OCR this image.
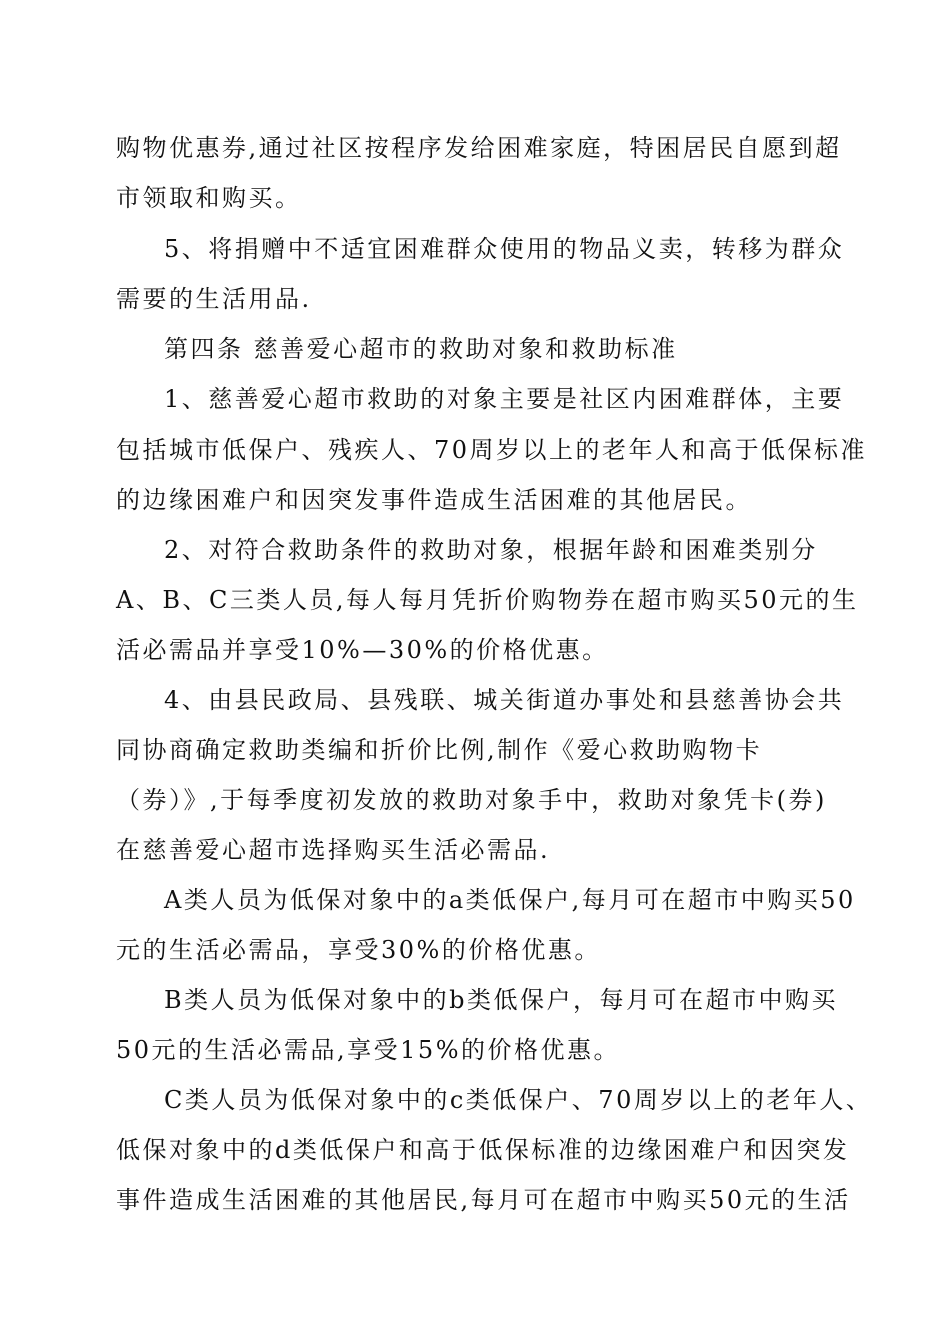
购物优惠券,通过社区按程序发给困难家庭，特困居民自愿到超
市领取和购买。
5、将捐赠中不适宜困难群众使用的物品义卖，转移为群众
需要的生活用品.
第四条 慈善爱心超市的救助对象和救助标准
1、慈善爱心超市救助的对象主要是社区内困难群体，主要
包括城市低保户、残疾人、70周岁以上的老年人和高于低保标准
的边缘困难户和因突发事件造成生活困难的其他居民。
2、对符合救助条件的救助对象，根据年龄和困难类别分
A、B、C三类人员,每人每月凭折价购物券在超市购买50元的生
活必需品并享受10%—30%的价格优惠。
4、由县民政局、县残联、城关街道办事处和县慈善协会共
同协商确定救助类编和折价比例,制作《爱心救助购物卡
（券）》,于每季度初发放的救助对象手中，救助对象凭卡(券)
在慈善爱心超市选择购买生活必需品.
A类人员为低保对象中的a类低保户,每月可在超市中购买50
元的生活必需品，享受30%的价格优惠。
B类人员为低保对象中的b类低保户，每月可在超市中购买
50元的生活必需品,享受15%的价格优惠。
C类人员为低保对象中的c类低保户、70周岁以上的老年人、
低保对象中的d类低保户和高于低保标准的边缘困难户和因突发
事件造成生活困难的其他居民,每月可在超市中购买50元的生活
